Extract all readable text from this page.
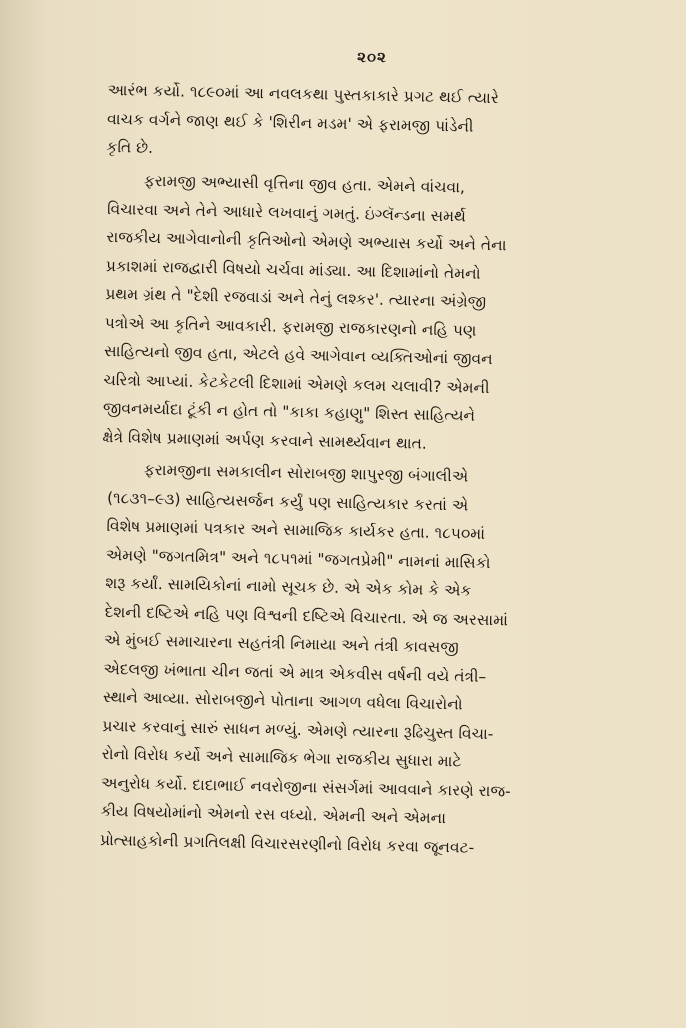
૨૦૨

આરંભ કર્યો. ૧૮૯૦માં આ નવલકથા પુસ્તકાકારે પ્રગટ થઈ ત્યારે

વાચક વર્ગને જાણ થઈ કે 'શિરીન મડમ' એ ફરામજી પાંડેની

કૃતિ છે.

ફરામજી અભ્યાસી વૃત્તિના જીવ હતા. એમને વાંચવા,

વિચારવા અને તેને આધારે લખવાનું ગમતું. ઇંગ્લૅન્ડના સમર્થ

રાજકીય આગેવાનોની કૃતિઓનો એમણે અભ્યાસ કર્યો અને તેના

પ્રકાશમાં રાજદ્વારી વિષયો ચર્ચવા માંડ્યા. આ દિશામાંનો તેમનો

પ્રથમ ગ્રંથ તે "દેશી રજવાડાં અને તેનું લશ્કર'. ત્યારના અંગ્રેજી

પત્રોએ આ કૃતિને આવકારી. ફરામજી રાજકારણનો નહિ પણ

સાહિત્યનો જીવ હતા, એટલે હવે આગેવાન વ્યક્તિઓનાં જીવન

ચરિત્રો આપ્યાં. કેટકેટલી દિશામાં એમણે કલમ ચલાવી? એમની

જીવનમર્યાદા ટૂંકી ન હોત તો "કાકા કહાણુ" શિસ્ત સાહિત્યને

ક્ષેત્રે વિશેષ પ્રમાણમાં અર્પણ કરવાને સામર્થ્યવાન થાત.

ફરામજીના સમકાલીન સોરાબજી શાપુરજી બંગાલીએ

(૧૮૩૧–૯૩) સાહિત્યસર્જન કર્યું પણ સાહિત્યકાર કરતાં એ

વિશેષ પ્રમાણમાં પત્રકાર અને સામાજિક કાર્યકર હતા. ૧૮૫૦માં

એમણે "જગતમિત્ર" અને ૧૮૫૧માં "જગતપ્રેમી" નામનાં માસિકો

શરૂ કર્યાં. સામયિકોનાં નામો સૂચક છે. એ એક કોમ કે એક

દેશની દષ્ટિએ નહિ પણ વિશ્વની દષ્ટિએ વિચારતા. એ જ અરસામાં

એ મુંબઈ સમાચારના સહતંત્રી નિમાયા અને તંત્રી કાવસજી

એદલજી ખંભાતા ચીન જતાં એ માત્ર એકવીસ વર્ષની વયે તંત્રી–

સ્થાને આવ્યા. સોરાબજીને પોતાના આગળ વધેલા વિચારોનો

પ્રચાર કરવાનું સારું સાધન મળ્યું. એમણે ત્યારના રૂઢિચુસ્ત વિચા-

રોનો વિરોધ કર્યો અને સામાજિક ભેગા રાજકીય સુધારા માટે

અનુરોધ કર્યો. દાદાભાઈ નવરોજીના સંસર્ગમાં આવવાને કારણે રાજ-

કીય વિષયોમાંનો એમનો રસ વધ્યો. એમની અને એમના

પ્રોત્સાહકોની પ્રગતિલક્ષી વિચારસરણીનો વિરોધ કરવા જૂનવટ-
